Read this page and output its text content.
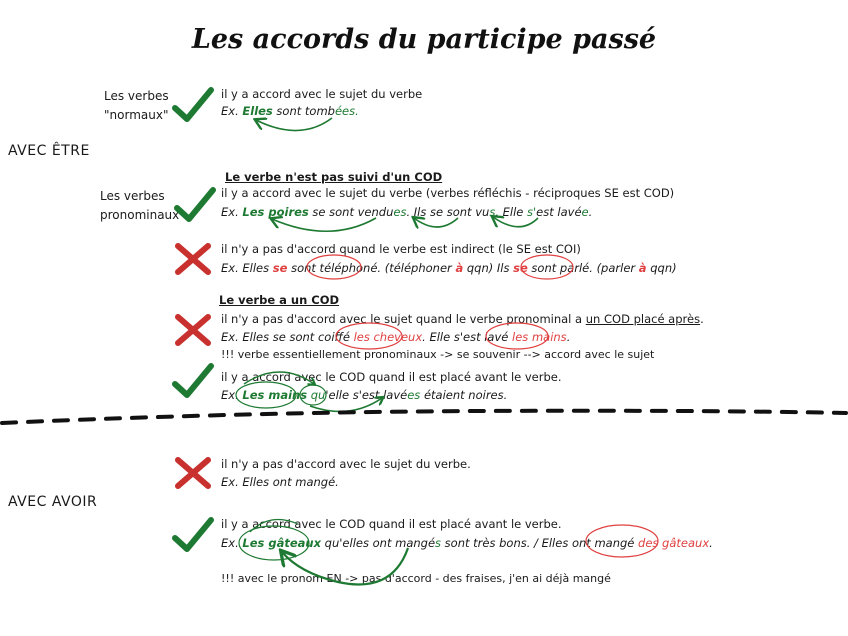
Les accords du participe passé
AVEC ÊTRE
AVEC AVOIR
Les verbes
"normaux"
il y a accord avec le sujet du verbe
Ex. Elles sont tombées.
Les verbes
pronominaux
Le verbe n'est pas suivi d'un COD
il y a accord avec le sujet du verbe (verbes réfléchis - réciproques SE est COD)
Ex. Les poires se sont vendues. Ils se sont vus. Elle s'est lavée.
il n'y a pas d'accord quand le verbe est indirect (le SE est COI)
Ex. Elles se sont téléphoné. (téléphoner à qqn) Ils se sont parlé. (parler à qqn)
Le verbe a un COD
il n'y a pas d'accord avec le sujet quand le verbe pronominal a un COD placé après.
Ex. Elles se sont coiffé les cheveux. Elle s'est lavé les mains.
!!! verbe essentiellement pronominaux -> se souvenir --> accord avec le sujet
il y a accord avec le COD quand il est placé avant le verbe.
Ex. Les mains qu'elle s'est lavées étaient noires.
il n'y a pas d'accord avec le sujet du verbe.
Ex. Elles ont mangé.
il y a accord avec le COD quand il est placé avant le verbe.
Ex. Les gâteaux qu'elles ont mangés sont très bons. / Elles ont mangé des gâteaux.
!!! avec le pronom EN -> pas d'accord - des fraises, j'en ai déjà mangé
